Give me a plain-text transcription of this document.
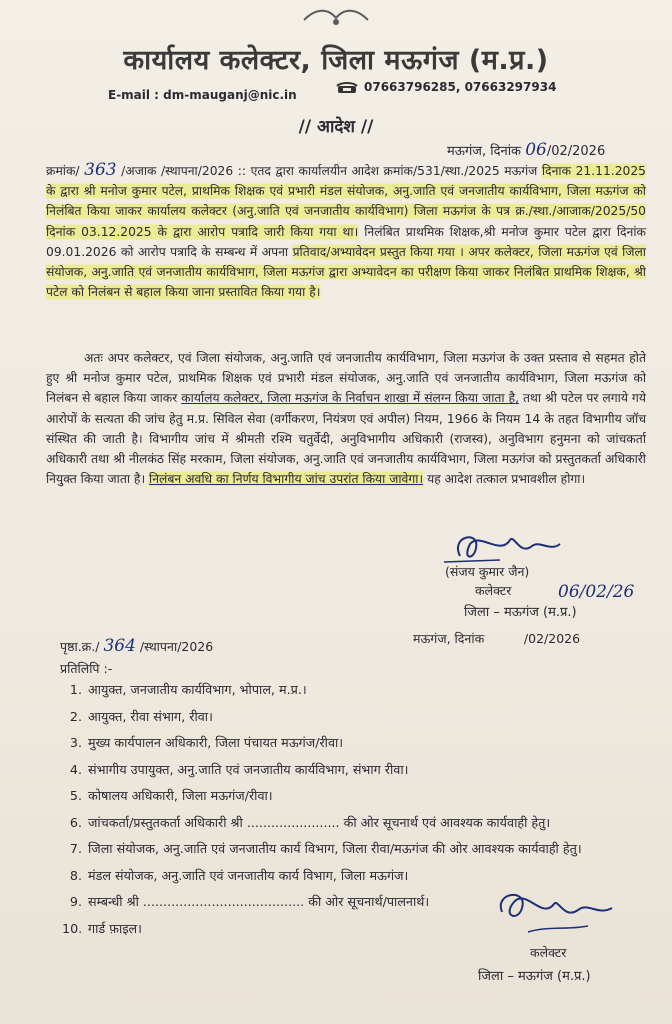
कार्यालय कलेक्टर, जिला मऊगंज (म.प्र.)
E-mail : dm-mauganj@nic.in
07663796285, 07663297934
// आदेश //
मऊगंज, दिनांक 06/02/2026
क्रमांक/ 363 /अजाक /स्थापना/2026 :: एतद द्वारा कार्यालयीन आदेश क्रमांक/531/स्था./2025 मऊगंज दिनाक 21.11.2025 के द्वारा श्री मनोज कुमार पटेल, प्राथमिक शिक्षक एवं प्रभारी मंडल संयोजक, अनु.जाति एवं जनजातीय कार्यविभाग, जिला मऊगंज को निलंबित किया जाकर कार्यालय कलेक्टर (अनु.जाति एवं जनजातीय कार्यविभाग) जिला मऊगंज के पत्र क्र./स्था./आजाक/2025/50 दिनांक 03.12.2025 के द्वारा आरोप पत्रादि जारी किया गया था। निलंबित प्राथमिक शिक्षक,श्री मनोज कुमार पटेल द्वारा दिनांक 09.01.2026 को आरोप पत्रादि के सम्बन्ध में अपना प्रतिवाद/अभ्यावेदन प्रस्तुत किया गया । अपर कलेक्टर, जिला मऊगंज एवं जिला संयोजक, अनु.जाति एवं जनजातीय कार्यविभाग, जिला मऊगंज द्वारा अभ्यावेदन का परीक्षण किया जाकर निलंबित प्राथमिक शिक्षक, श्री पटेल को निलंबन से बहाल किया जाना प्रस्तावित किया गया है।
अतः अपर कलेक्टर, एवं जिला संयोजक, अनु.जाति एवं जनजातीय कार्यविभाग, जिला मऊगंज के उक्त प्रस्ताव से सहमत होते हुए श्री मनोज कुमार पटेल, प्राथमिक शिक्षक एवं प्रभारी मंडल संयोजक, अनु.जाति एवं जनजातीय कार्यविभाग, जिला मऊगंज को निलंबन से बहाल किया जाकर कार्यालय कलेक्टर, जिला मऊगंज के निर्वाचन शाखा में संलग्न किया जाता है, तथा श्री पटेल पर लगाये गये आरोपों के सत्यता की जांच हेतु म.प्र. सिविल सेवा (वर्गीकरण, नियंत्रण एवं अपील) नियम, 1966 के नियम 14 के तहत विभागीय जॉच संस्थित की जाती है। विभागीय जांच में श्रीमती रश्मि चतुर्वेदी, अनुविभागीय अधिकारी (राजस्व), अनुविभाग हनुमना को जांचकर्ता अधिकारी तथा श्री नीलकंठ सिंह मरकाम, जिला संयोजक, अनु.जाति एवं जनजातीय कार्यविभाग, जिला मऊगंज को प्रस्तुतकर्ता अधिकारी नियुक्त किया जाता है। निलंबन अवधि का निर्णय विभागीय जांच उपरांत किया जावेगा। यह आदेश तत्काल प्रभावशील होगा।
(संजय कुमार जैन)
कलेक्टर	06/02/26
जिला – मऊगंज (म.प्र.)
पृष्ठा.क्र./ 364 /स्थापना/2026
मऊगंज, दिनांक          /02/2026
प्रतिलिपि :-
1. आयुक्त, जनजातीय कार्यविभाग, भोपाल, म.प्र.।
2. आयुक्त, रीवा संभाग, रीवा।
3. मुख्य कार्यपालन अधिकारी, जिला पंचायत मऊगंज/रीवा।
4. संभागीय उपायुक्त, अनु.जाति एवं जनजातीय कार्यविभाग, संभाग रीवा।
5. कोषालय अधिकारी, जिला मऊगंज/रीवा।
6. जांचकर्ता/प्रस्तुतकर्ता अधिकारी श्री ....................... की ओर सूचनार्थ एवं आवश्यक कार्यवाही हेतु।
7. जिला संयोजक, अनु.जाति एवं जनजातीय कार्य विभाग, जिला रीवा/मऊगंज की ओर आवश्यक कार्यवाही हेतु।
8. मंडल संयोजक, अनु.जाति एवं जनजातीय कार्य विभाग, जिला मऊगंज।
9. सम्बन्धी श्री ........................................ की ओर सूचनार्थ/पालनार्थ।
10. गार्ड फ़ाइल।
कलेक्टर
जिला – मऊगंज (म.प्र.)
